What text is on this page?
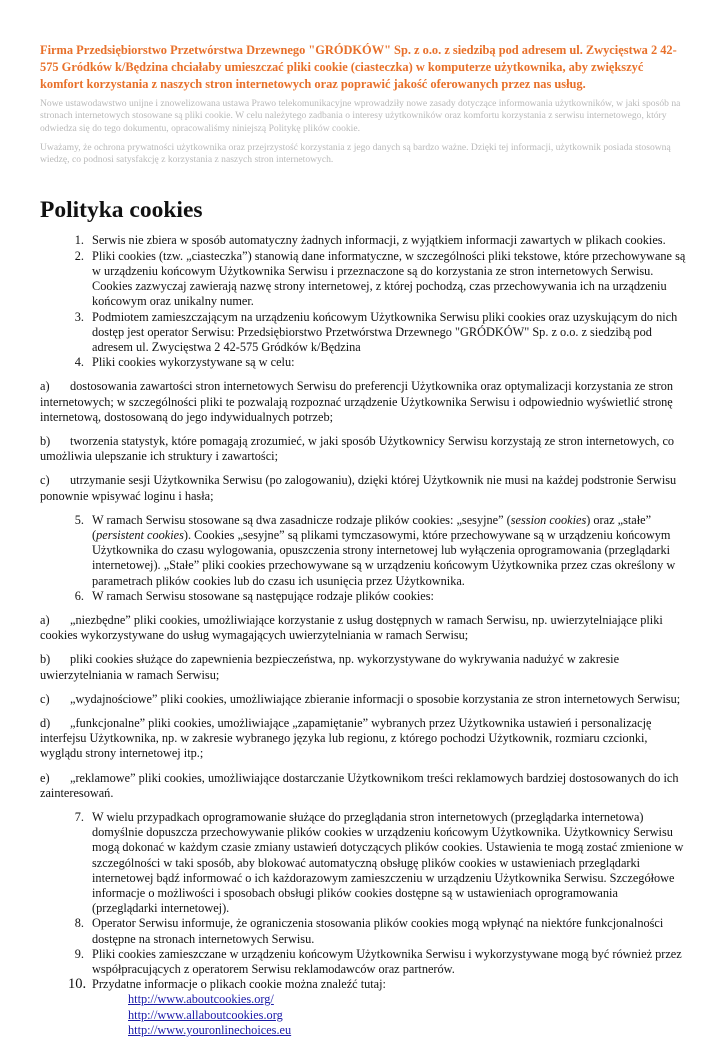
Firma Przedsiębiorstwo Przetwórstwa Drzewnego "GRÓDKÓW" Sp. z o.o. z siedzibą pod adresem ul. Zwycięstwa 2 42-575 Gródków k/Będzina chciałaby umieszczać pliki cookie (ciasteczka) w komputerze użytkownika, aby zwiększyć komfort korzystania z naszych stron internetowych oraz poprawić jakość oferowanych przez nas usług.

Nowe ustawodawstwo unijne i znowelizowana ustawa Prawo telekomunikacyjne wprowadziły nowe zasady dotyczące informowania użytkowników, w jaki sposób na stronach internetowych stosowane są pliki cookie. W celu należytego zadbania o interesy użytkowników oraz komfortu korzystania z serwisu internetowego, który odwiedza się do tego dokumentu, opracowaliśmy niniejszą Politykę plików cookie.

Uważamy, że ochrona prywatności użytkownika oraz przejrzystość korzystania z jego danych są bardzo ważne. Dzięki tej informacji, użytkownik posiada stosowną wiedzę, co podnosi satysfakcję z korzystania z naszych stron internetowych.

Polityka cookies
1. Serwis nie zbiera w sposób automatyczny żadnych informacji, z wyjątkiem informacji zawartych w plikach cookies.
2. Pliki cookies (tzw. „ciasteczka”) stanowią dane informatyczne, w szczególności pliki tekstowe, które przechowywane są w urządzeniu końcowym Użytkownika Serwisu i przeznaczone są do korzystania ze stron internetowych Serwisu. Cookies zazwyczaj zawierają nazwę strony internetowej, z której pochodzą, czas przechowywania ich na urządzeniu końcowym oraz unikalny numer.
3. Podmiotem zamieszczającym na urządzeniu końcowym Użytkownika Serwisu pliki cookies oraz uzyskującym do nich dostęp jest operator Serwisu: Przedsiębiorstwo Przetwórstwa Drzewnego "GRÓDKÓW" Sp. z o.o. z siedzibą pod adresem ul. Zwycięstwa 2 42-575 Gródków k/Będzina
4. Pliki cookies wykorzystywane są w celu:

a) dostosowania zawartości stron internetowych Serwisu do preferencji Użytkownika oraz optymalizacji korzystania ze stron internetowych; w szczególności pliki te pozwalają rozpoznać urządzenie Użytkownika Serwisu i odpowiednio wyświetlić stronę internetową, dostosowaną do jego indywidualnych potrzeb;

b) tworzenia statystyk, które pomagają zrozumieć, w jaki sposób Użytkownicy Serwisu korzystają ze stron internetowych, co umożliwia ulepszanie ich struktury i zawartości;

c) utrzymanie sesji Użytkownika Serwisu (po zalogowaniu), dzięki której Użytkownik nie musi na każdej podstronie Serwisu ponownie wpisywać loginu i hasła;

5. W ramach Serwisu stosowane są dwa zasadnicze rodzaje plików cookies: „sesyjne” (session cookies) oraz „stałe” (persistent cookies). Cookies „sesyjne” są plikami tymczasowymi, które przechowywane są w urządzeniu końcowym Użytkownika do czasu wylogowania, opuszczenia strony internetowej lub wyłączenia oprogramowania (przeglądarki internetowej). „Stałe” pliki cookies przechowywane są w urządzeniu końcowym Użytkownika przez czas określony w parametrach plików cookies lub do czasu ich usunięcia przez Użytkownika.
6. W ramach Serwisu stosowane są następujące rodzaje plików cookies:

a) „niezbędne” pliki cookies, umożliwiające korzystanie z usług dostępnych w ramach Serwisu, np. uwierzytelniające pliki cookies wykorzystywane do usług wymagających uwierzytelniania w ramach Serwisu;

b) pliki cookies służące do zapewnienia bezpieczeństwa, np. wykorzystywane do wykrywania nadużyć w zakresie uwierzytelniania w ramach Serwisu;

c) „wydajnościowe” pliki cookies, umożliwiające zbieranie informacji o sposobie korzystania ze stron internetowych Serwisu;

d) „funkcjonalne” pliki cookies, umożliwiające „zapamiętanie” wybranych przez Użytkownika ustawień i personalizację interfejsu Użytkownika, np. w zakresie wybranego języka lub regionu, z którego pochodzi Użytkownik, rozmiaru czcionki, wyglądu strony internetowej itp.;

e) „reklamowe” pliki cookies, umożliwiające dostarczanie Użytkownikom treści reklamowych bardziej dostosowanych do ich zainteresowań.

7. W wielu przypadkach oprogramowanie służące do przeglądania stron internetowych (przeglądarka internetowa) domyślnie dopuszcza przechowywanie plików cookies w urządzeniu końcowym Użytkownika. Użytkownicy Serwisu mogą dokonać w każdym czasie zmiany ustawień dotyczących plików cookies. Ustawienia te mogą zostać zmienione w szczególności w taki sposób, aby blokować automatyczną obsługę plików cookies w ustawieniach przeglądarki internetowej bądź informować o ich każdorazowym zamieszczeniu w urządzeniu Użytkownika Serwisu. Szczegółowe informacje o możliwości i sposobach obsługi plików cookies dostępne są w ustawieniach oprogramowania (przeglądarki internetowej).
8. Operator Serwisu informuje, że ograniczenia stosowania plików cookies mogą wpłynąć na niektóre funkcjonalności dostępne na stronach internetowych Serwisu.
9. Pliki cookies zamieszczane w urządzeniu końcowym Użytkownika Serwisu i wykorzystywane mogą być również przez współpracujących z operatorem Serwisu reklamodawców oraz partnerów.
10. Przydatne informacje o plikach cookie można znaleźć tutaj:
http://www.aboutcookies.org/
http://www.allaboutcookies.org
http://www.youronlinechoices.eu
